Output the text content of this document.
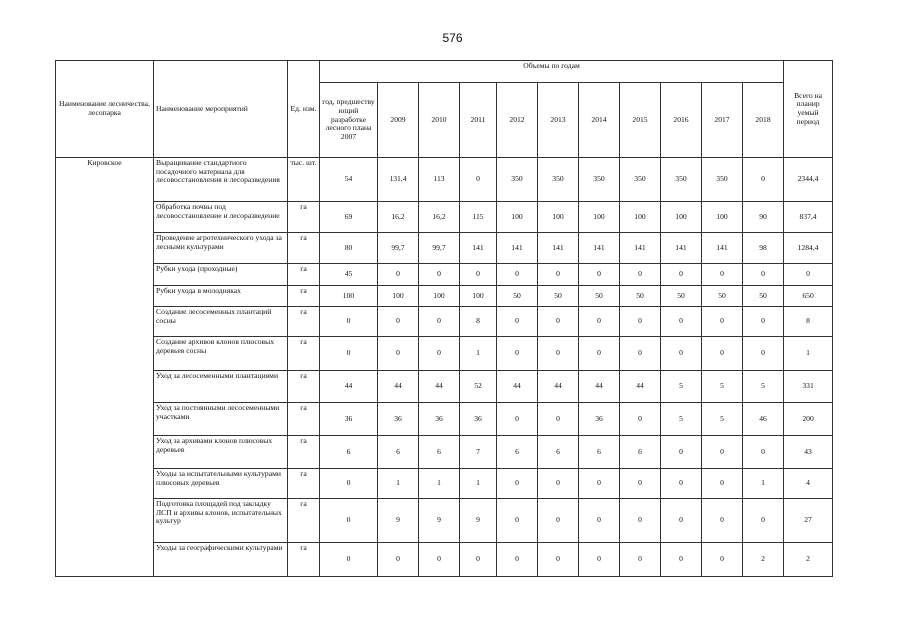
576
Наименование лесничества, лесопарка	Наименование мероприятий	Ед. изм.	Объемы по годам											Всего на планир уемый период
			год, предшеству ющий разработке лесного плана 2007	2009	2010	2011	2012	2013	2014	2015	2016	2017	2018	
Кировское	Выращивание стандартного посадочного материала для лесовосстановления и лесоразведения	тыс. шт.	54	131,4	113	0	350	350	350	350	350	350	0	2344,4
	Обработка почвы под лесовосстановление и лесоразведение	га	69	16,2	16,2	115	100	100	100	100	100	100	90	837,4
	Проведение агротехнического ухода за лесными культурами	га	80	99,7	99,7	141	141	141	141	141	141	141	98	1284,4
	Рубки ухода (проходные)	га	45	0	0	0	0	0	0	0	0	0	0	0
	Рубки ухода в молодняках	га	100	100	100	100	50	50	50	50	50	50	50	650
	Создание лесосеменных плантаций сосны	га	0	0	0	8	0	0	0	0	0	0	0	8
	Создание архивов клонов плюсовых деревьев сосны	га	0	0	0	1	0	0	0	0	0	0	0	1
	Уход за лесосеменными плантациями	га	44	44	44	52	44	44	44	44	5	5	5	331
	Уход за постоянными лесосеменными участками	га	36	36	36	36	0	0	36	0	5	5	46	200
	Уход за архивами клонов плюсовых деревьев	га	6	6	6	7	6	6	6	6	0	0	0	43
	Уходы за испытательными культурами плюсовых деревьев	га	0	1	1	1	0	0	0	0	0	0	1	4
	Подготовка площадей под закладку ЛСП и архивы клонов, испытательных культур	га	0	9	9	9	0	0	0	0	0	0	0	27
	Уходы за географическими культурами	га	0	0	0	0	0	0	0	0	0	0	2	2
